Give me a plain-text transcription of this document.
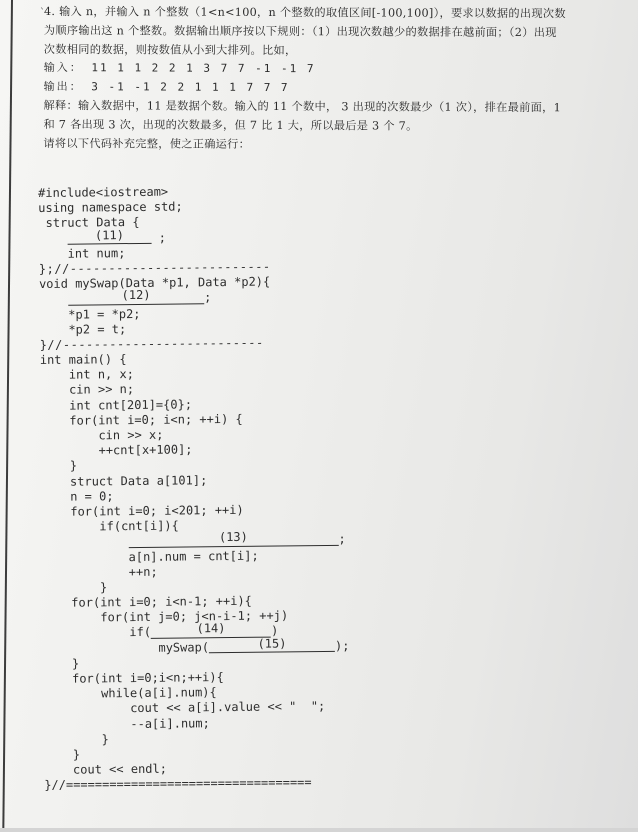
`
4. 输入 n，并输入 n 个整数（1<n<100，n 个整数的取值区间[-100,100]），要求以数据的出现次数
为顺序输出这 n 个整数。数据输出顺序按以下规则：（1）出现次数越少的数据排在越前面；（2）出现
次数相同的数据，则按数值从小到大排列。比如，
输入： 11 1 1 2 2 1 3 7 7 -1 -1 7
输出： 3 -1 -1 2 2 1 1 1 7 7 7
解释：输入数据中，11 是数据个数。输入的 11 个数中， 3 出现的次数最少（1 次），排在最前面，1
和 7 各出现 3 次，出现的次数最多，但 7 比 1 大，所以最后是 3 个 7。
请将以下代码补充完整，使之正确运行：
#include<iostream>
using namespace std;
struct Data {
(11) ;
int num;
};//--------------------------
void mySwap(Data *p1, Data *p2){
(12)	;
*p1 = *p2;
*p2 = t;
}//--------------------------
int main() {
int n, x;
cin >> n;
int cnt[201]={0};
for(int i=0; i<n; ++i) {
cin >> x;
++cnt[x+100];
}
struct Data a[101];
n = 0;
for(int i=0; i<201; ++i)
if(cnt[i]){
(13)	;
a[n].num = cnt[i];
++n;
}
for(int i=0; i<n-1; ++i){
for(int j=0; j<n-i-1; ++j)
if(	(14)	)
mySwap(	(15)	);
}
for(int i=0;i<n;++i){
while(a[i].num){
cout << a[i].value << "  ";
--a[i].num;
}
}
cout << endl;
}//==================================
